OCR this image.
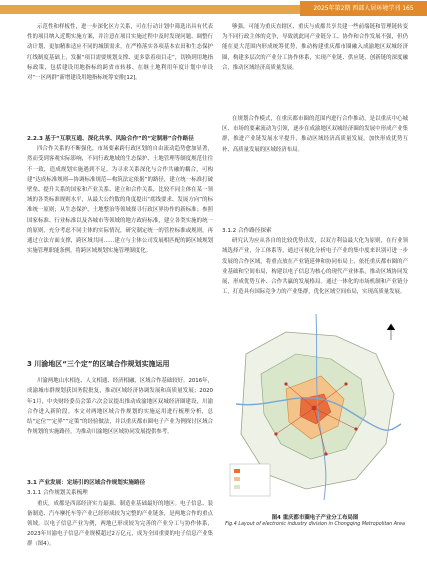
2025年第2期 西部人居环境学刊 165

示范性和样板性，进一步深化区方关系，可在行动计划中筛选出具有代表性的项目纳入近期实施方案，并注意在项目实施过程中及时发现问题、调整行动计划，更加精准适应不同的城镇需求。在严格落实各项基本农田和生态保护红线制度基础上，发掘“项目需要规划支撑、更多靠着项目走”，切换到用地指标政策，包括建设用地指标的跨省市转移、在继土地利用年度计划中单设对“一区两群”新增建设用地指标统筹安排[12]。

2.2.3 基于“互联互通、深化共享、风险合作”的“定制港”合作路径

四合作关系的不断强化，市场要素跨行政区划的自由流动趋势愈加显著，然而受到客观实际影响，不同行政地域的生态保护、土地管理等制度规范往往不一致，造成规划实施遇到不足。为寻求关系深化与合作共融的耦合，可构建“达成标准规则—协调标准规范—构筑法定依据”的路径，建立统一标准打破壁垒、提升关系的国家和产业关系、建立和合作关系，比较不同主体在某一领域的各类标准规则水平，从最大公约数的角度提出“底线要求、发展方向”的标准统一原则；从生态保护，土地整治等领域探寻行政区界协作的新标准；参照国家标准、行业标准以及各城市等领域的地方政府标准，建立各类实施的统一的原则，充分考虑不同主体的实际情况，研究制定统一的管控标准或规则，再通过立法方面支撑，跨区域共同……建立与主体公司发展相匹配的跨区域规划实施管理职能条例，将跨区域规划实施管理制度化。

3 川渝地区“三个定”的区域合作规划实施运用

川渝两地山水相连、人文相通、经济相融，区域合作基础较好。2016年，成渝城市群规划获国务院批复，推动区域经济协调发展和高质量发展；2020年1月，中央财经委员会第六次会议提出推动成渝地区双城经济圈建设，川渝合作进入新阶段。本文对两地区域合作规划的实施运用进行梳理分析，总结“定位”“定界”“定策”的经验做法，并以重庆都市圈电子产业为例探讨区域合作规划的实施路径，为推动川渝地区区域协同发展提供参考。

3.1 产业发展：定场引的区域合作规划实施路径
3.1.1 合作规划关系梳理

重庆，成都是西部经济实力最强、制造业基础最好的地区。电子信息、装备制造、汽车摩托车等产业已经形成较为完整的产业链条，是两地合作的重点领域。以电子信息产业为例，两地已形成较为完善的产业分工与协作体系，2023年川渝电子信息产业规模超过2万亿元，成为全国重要的电子信息产业集群（图4）。

够强，可能为重庆直辖区、重庆与成都共享共建一些前端链和管理链转变为不同行政主体的竞争，导致就此同产业链分工、协作和合作发展不强，但仍能在更大范围内形成统筹优势，推动构建重庆都市圈融入成渝地区双城经济圈，构建多层次的产业分工协作体系，实现产业链、供应链、创新链的深度融合，推动区域经济高质量发展。

在规划合作模式，在重庆都市圈的范围内进行合作推动，是以重庆中心城区、市场的要素流动为引领，逐步在成渝地区双城经济圈的发展中形成产业集群，推进产业链发展水平提升，推动区域经济高质量发展，加快形成优势互补、高质量发展的区域经济布局。

3.1.2 合作路径探索

研究认为应从各自的比较优势出发，以双方利益最大化为原则，在行业领域选择产业，分工体系等，通过可视化分析电子产业的集中度来识别可进一步发展的合作区域，将重点放在产业链延伸和协同布局上，依托重庆都市圈的产业基础和空间布局，构建以电子信息为核心的现代产业体系，推动区域协同发展，形成优势互补、合作共赢的发展格局。通过一体化的市场机制和产业链分工，打造具有国际竞争力的产业集群，优化区域空间布局，实现高质量发展。

图4 重庆都市圈电子产业分工布局图
Fig.4 Layout of electronic industry division in Chongqing Metropolitan Area
